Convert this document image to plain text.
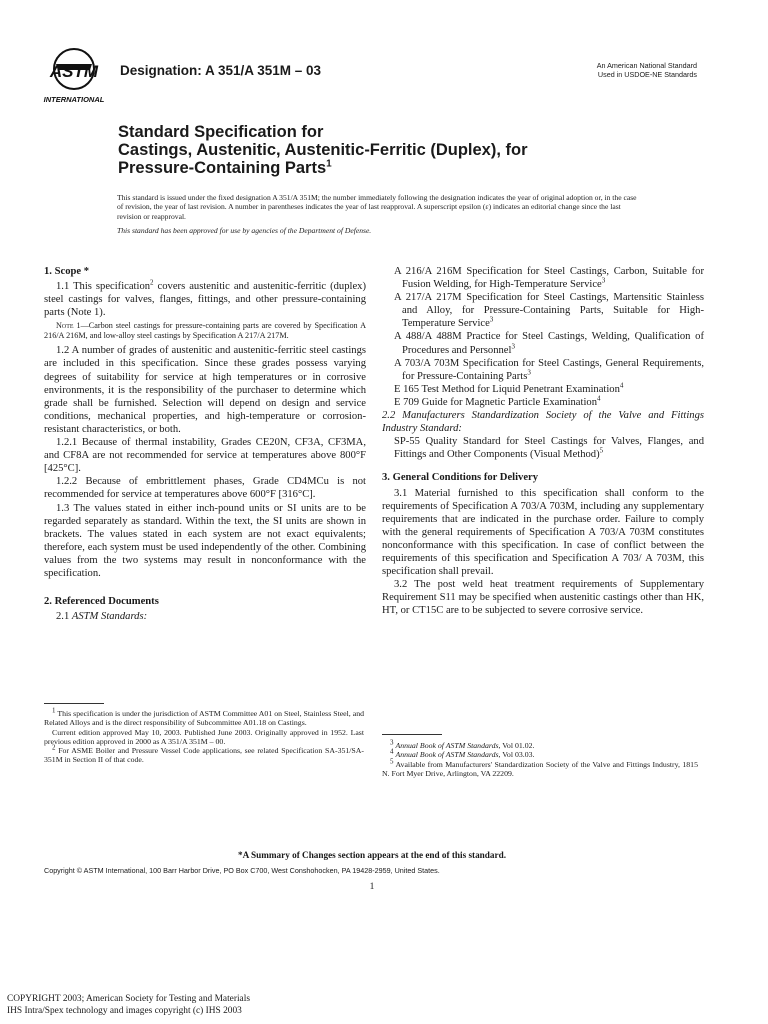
ASTM
INTERNATIONAL
Designation: A 351/A 351M – 03	An American National Standard
Used in USDOE-NE Standards
Standard Specification for
Castings, Austenitic, Austenitic-Ferritic (Duplex), for
Pressure-Containing Parts$^1$

This standard is issued under the fixed designation A 351/A 351M; the number immediately following the designation indicates the year of original adoption or, in the case of revision, the year of last revision. A number in parentheses indicates the year of last reapproval. A superscript epsilon (ε) indicates an editorial change since the last revision or reapproval.

This standard has been approved for use by agencies of the Department of Defense.

1. Scope *

1.1 This specification$^2$ covers austenitic and austenitic-ferritic (duplex) steel castings for valves, flanges, fittings, and other pressure-containing parts (Note 1).

Note 1—Carbon steel castings for pressure-containing parts are covered by Specification A 216/A 216M, and low-alloy steel castings by Specification A 217/A 217M.

1.2 A number of grades of austenitic and austenitic-ferritic steel castings are included in this specification. Since these grades possess varying degrees of suitability for service at high temperatures or in corrosive environments, it is the responsibility of the purchaser to determine which grade shall be furnished. Selection will depend on design and service conditions, mechanical properties, and high-temperature or corrosion-resistant characteristics, or both.

1.2.1 Because of thermal instability, Grades CE20N, CF3A, CF3MA, and CF8A are not recommended for service at temperatures above 800°F [425°C].

1.2.2 Because of embrittlement phases, Grade CD4MCu is not recommended for service at temperatures above 600°F [316°C].

1.3 The values stated in either inch-pound units or SI units are to be regarded separately as standard. Within the text, the SI units are shown in brackets. The values stated in each system are not exact equivalents; therefore, each system must be used independently of the other. Combining values from the two systems may result in nonconformance with the specification.

2. Referenced Documents

2.1 ASTM Standards:

A 216/A 216M Specification for Steel Castings, Carbon, Suitable for Fusion Welding, for High-Temperature Service$^3$

A 217/A 217M Specification for Steel Castings, Martensitic Stainless and Alloy, for Pressure-Containing Parts, Suitable for High-Temperature Service$^3$

A 488/A 488M Practice for Steel Castings, Welding, Qualification of Procedures and Personnel$^3$

A 703/A 703M Specification for Steel Castings, General Requirements, for Pressure-Containing Parts$^3$

E 165 Test Method for Liquid Penetrant Examination$^4$

E 709 Guide for Magnetic Particle Examination$^4$

2.2 Manufacturers Standardization Society of the Valve and Fittings Industry Standard:

SP-55 Quality Standard for Steel Castings for Valves, Flanges, and Fittings and Other Components (Visual Method)$^5$

3. General Conditions for Delivery

3.1 Material furnished to this specification shall conform to the requirements of Specification A 703/A 703M, including any supplementary requirements that are indicated in the purchase order. Failure to comply with the general requirements of Specification A 703/A 703M constitutes nonconformance with this specification. In case of conflict between the requirements of this specification and Specification A 703/ A 703M, this specification shall prevail.

3.2 The post weld heat treatment requirements of Supplementary Requirement S11 may be specified when austenitic castings other than HK, HT, or CT15C are to be subjected to severe corrosive service.

$^1$ This specification is under the jurisdiction of ASTM Committee A01 on Steel, Stainless Steel, and Related Alloys and is the direct responsibility of Subcommittee A01.18 on Castings.

Current edition approved May 10, 2003. Published June 2003. Originally approved in 1952. Last previous edition approved in 2000 as A 351/A 351M – 00.

$^2$ For ASME Boiler and Pressure Vessel Code applications, see related Specification SA-351/SA-351M in Section II of that code.

$^3$ Annual Book of ASTM Standards, Vol 01.02.

$^4$ Annual Book of ASTM Standards, Vol 03.03.

$^5$ Available from Manufacturers' Standardization Society of the Valve and Fittings Industry, 1815 N. Fort Myer Drive, Arlington, VA 22209.

*A Summary of Changes section appears at the end of this standard.
Copyright © ASTM International, 100 Barr Harbor Drive, PO Box C700, West Conshohocken, PA 19428-2959, United States.
1
COPYRIGHT 2003; American Society for Testing and Materials
IHS Intra/Spex technology and images copyright (c) IHS 2003
